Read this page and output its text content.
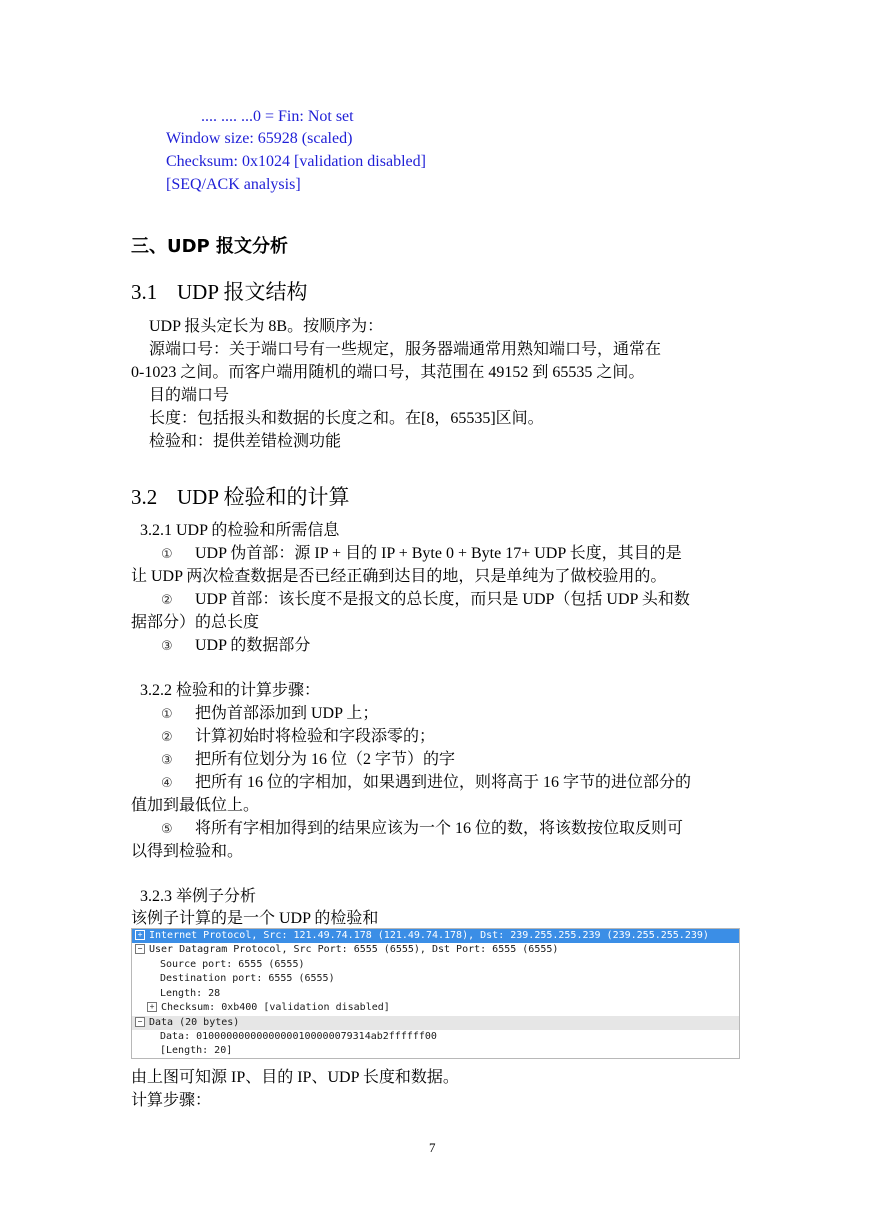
.... .... ...0 = Fin: Not set
Window size: 65928 (scaled)
Checksum: 0x1024 [validation disabled]
[SEQ/ACK analysis]
三、UDP 报文分析
3.1 UDP 报文结构
UDP 报头定长为 8B。按顺序为：
源端口号：关于端口号有一些规定，服务器端通常用熟知端口号，通常在
0-1023 之间。而客户端用随机的端口号，其范围在 49152 到 65535 之间。
目的端口号
长度：包括报头和数据的长度之和。在[8，65535]区间。
检验和：提供差错检测功能
3.2 UDP 检验和的计算
3.2.1 UDP 的检验和所需信息
① UDP 伪首部：源 IP + 目的 IP + Byte 0 + Byte 17+ UDP 长度，其目的是
让 UDP 两次检查数据是否已经正确到达目的地，只是单纯为了做校验用的。
② UDP 首部：该长度不是报文的总长度，而只是 UDP（包括 UDP 头和数
据部分）的总长度
③ UDP 的数据部分
3.2.2 检验和的计算步骤：
① 把伪首部添加到 UDP 上；
② 计算初始时将检验和字段添零的；
③ 把所有位划分为 16 位（2 字节）的字
④ 把所有 16 位的字相加，如果遇到进位，则将高于 16 字节的进位部分的
值加到最低位上。
⑤ 将所有字相加得到的结果应该为一个 16 位的数，将该数按位取反则可
以得到检验和。
3.2.3 举例子分析
该例子计算的是一个 UDP 的检验和
+ Internet Protocol, Src: 121.49.74.178 (121.49.74.178), Dst: 239.255.255.239 (239.255.255.239)
− User Datagram Protocol, Src Port: 6555 (6555), Dst Port: 6555 (6555)
Source port: 6555 (6555)
Destination port: 6555 (6555)
Length: 28
+ Checksum: 0xb400 [validation disabled]
− Data (20 bytes)
Data: 01000000000000000100000079314ab2ffffff00
[Length: 20]
由上图可知源 IP、目的 IP、UDP 长度和数据。
计算步骤：
7
